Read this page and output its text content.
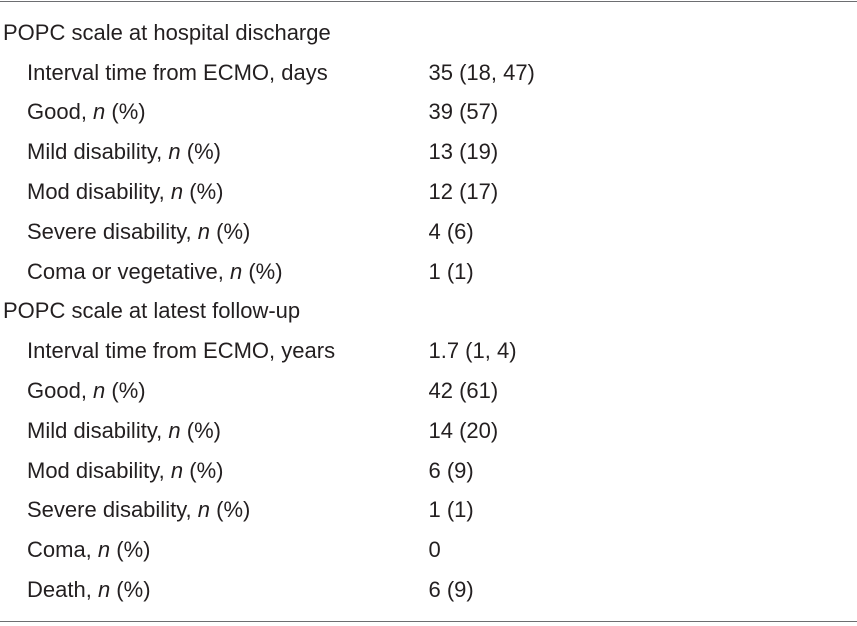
POPC scale at hospital discharge	
Interval time from ECMO, days	35 (18, 47)
Good, n (%)	39 (57)
Mild disability, n (%)	13 (19)
Mod disability, n (%)	12 (17)
Severe disability, n (%)	4 (6)
Coma or vegetative, n (%)	1 (1)
POPC scale at latest follow-up	
Interval time from ECMO, years	1.7 (1, 4)
Good, n (%)	42 (61)
Mild disability, n (%)	14 (20)
Mod disability, n (%)	6 (9)
Severe disability, n (%)	1 (1)
Coma, n (%)	0
Death, n (%)	6 (9)
